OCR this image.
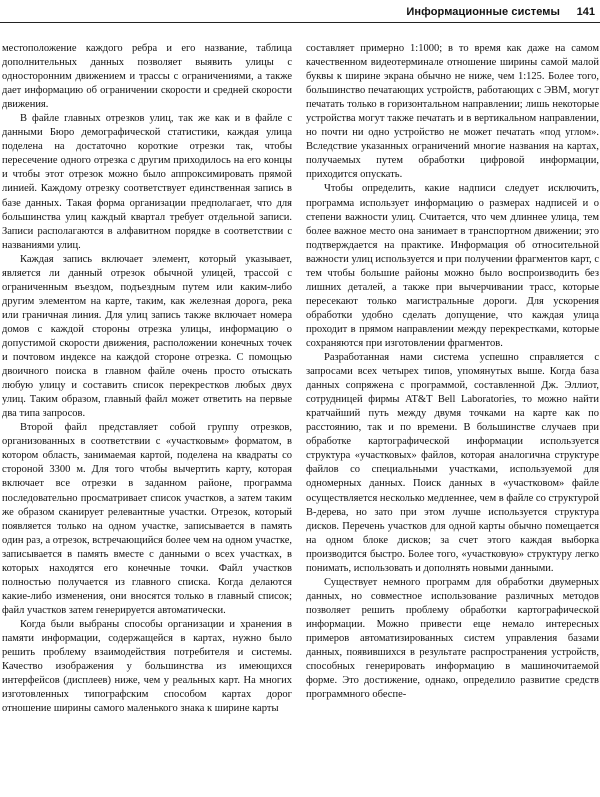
Информационные системы 141

местоположение каждого ребра и его название, таблица дополнительных данных позволяет выявить улицы с односторонним движением и трассы с ограничениями, а также дает информацию об ограничении скорости и средней скорости движения.

В файле главных отрезков улиц, так же как и в файле с данными Бюро демографической статистики, каждая улица поделена на достаточно короткие отрезки так, чтобы пересечение одного отрезка с другим приходилось на его концы и чтобы этот отрезок можно было аппроксимировать прямой линией. Каждому отрезку соответствует единственная запись в базе данных. Такая форма организации предполагает, что для большинства улиц каждый квартал требует отдельной записи. Записи располагаются в алфавитном порядке в соответствии с названиями улиц.

Каждая запись включает элемент, который указывает, является ли данный отрезок обычной улицей, трассой с ограниченным въездом, подъездным путем или каким-либо другим элементом на карте, таким, как железная дорога, река или граничная линия. Для улиц запись также включает номера домов с каждой стороны отрезка улицы, информацию о допустимой скорости движения, расположении конечных точек и почтовом индексе на каждой стороне отрезка. С помощью двоичного поиска в главном файле очень просто отыскать любую улицу и составить список перекрестков любых двух улиц. Таким образом, главный файл может ответить на первые два типа запросов.

Второй файл представляет собой группу отрезков, организованных в соответствии с «участковым» форматом, в котором область, занимаемая картой, поделена на квадраты со стороной 3300 м. Для того чтобы вычертить карту, которая включает все отрезки в заданном районе, программа последовательно просматривает список участков, а затем таким же образом сканирует релевантные участки. Отрезок, который появляется только на одном участке, записывается в память один раз, а отрезок, встречающийся более чем на одном участке, записывается в память вместе с данными о всех участках, в которых находятся его конечные точки. Файл участков полностью получается из главного списка. Когда делаются какие-либо изменения, они вносятся только в главный список; файл участков затем генерируется автоматически.

Когда были выбраны способы организации и хранения в памяти информации, содержащейся в картах, нужно было решить проблему взаимодействия потребителя и системы. Качество изображения у большинства из имеющихся интерфейсов (дисплеев) ниже, чем у реальных карт. На многих изготовленных типографским способом картах дорог отношение ширины самого маленького знака к ширине карты

составляет примерно 1:1000; в то время как даже на самом качественном видеотерминале отношение ширины самой малой буквы к ширине экрана обычно не ниже, чем 1:125. Более того, большинство печатающих устройств, работающих с ЭВМ, могут печатать только в горизонтальном направлении; лишь некоторые устройства могут также печатать и в вертикальном направлении, но почти ни одно устройство не может печатать «под углом». Вследствие указанных ограничений многие названия на картах, получаемых путем обработки цифровой информации, приходится опускать.

Чтобы определить, какие надписи следует исключить, программа использует информацию о размерах надписей и о степени важности улиц. Считается, что чем длиннее улица, тем более важное место она занимает в транспортном движении; это подтверждается на практике. Информация об относительной важности улиц используется и при получении фрагментов карт, с тем чтобы большие районы можно было воспроизводить без лишних деталей, а также при вычерчивании трасс, которые пересекают только магистральные дороги. Для ускорения обработки удобно сделать допущение, что каждая улица проходит в прямом направлении между перекрестками, которые сохраняются при изготовлении фрагментов.

Разработанная нами система успешно справляется с запросами всех четырех типов, упомянутых выше. Когда база данных сопряжена с программой, составленной Дж. Эллиот, сотрудницей фирмы AT&T Bell Laboratories, то можно найти кратчайший путь между двумя точками на карте как по расстоянию, так и по времени. В большинстве случаев при обработке картографической информации используется структура «участковых» файлов, которая аналогична структуре файлов со специальными участками, используемой для одномерных данных. Поиск данных в «участковом» файле осуществляется несколько медленнее, чем в файле со структурой B-дерева, но зато при этом лучше используется структура дисков. Перечень участков для одной карты обычно помещается на одном блоке дисков; за счет этого каждая выборка производится быстро. Более того, «участковую» структуру легко понимать, использовать и дополнять новыми данными.

Существует немного программ для обработки двумерных данных, но совместное использование различных методов позволяет решить проблему обработки картографической информации. Можно привести еще немало интересных примеров автоматизированных систем управления базами данных, появившихся в результате распространения устройств, способных генерировать информацию в машиночитаемой форме. Это достижение, однако, определило развитие средств программного обеспе-
